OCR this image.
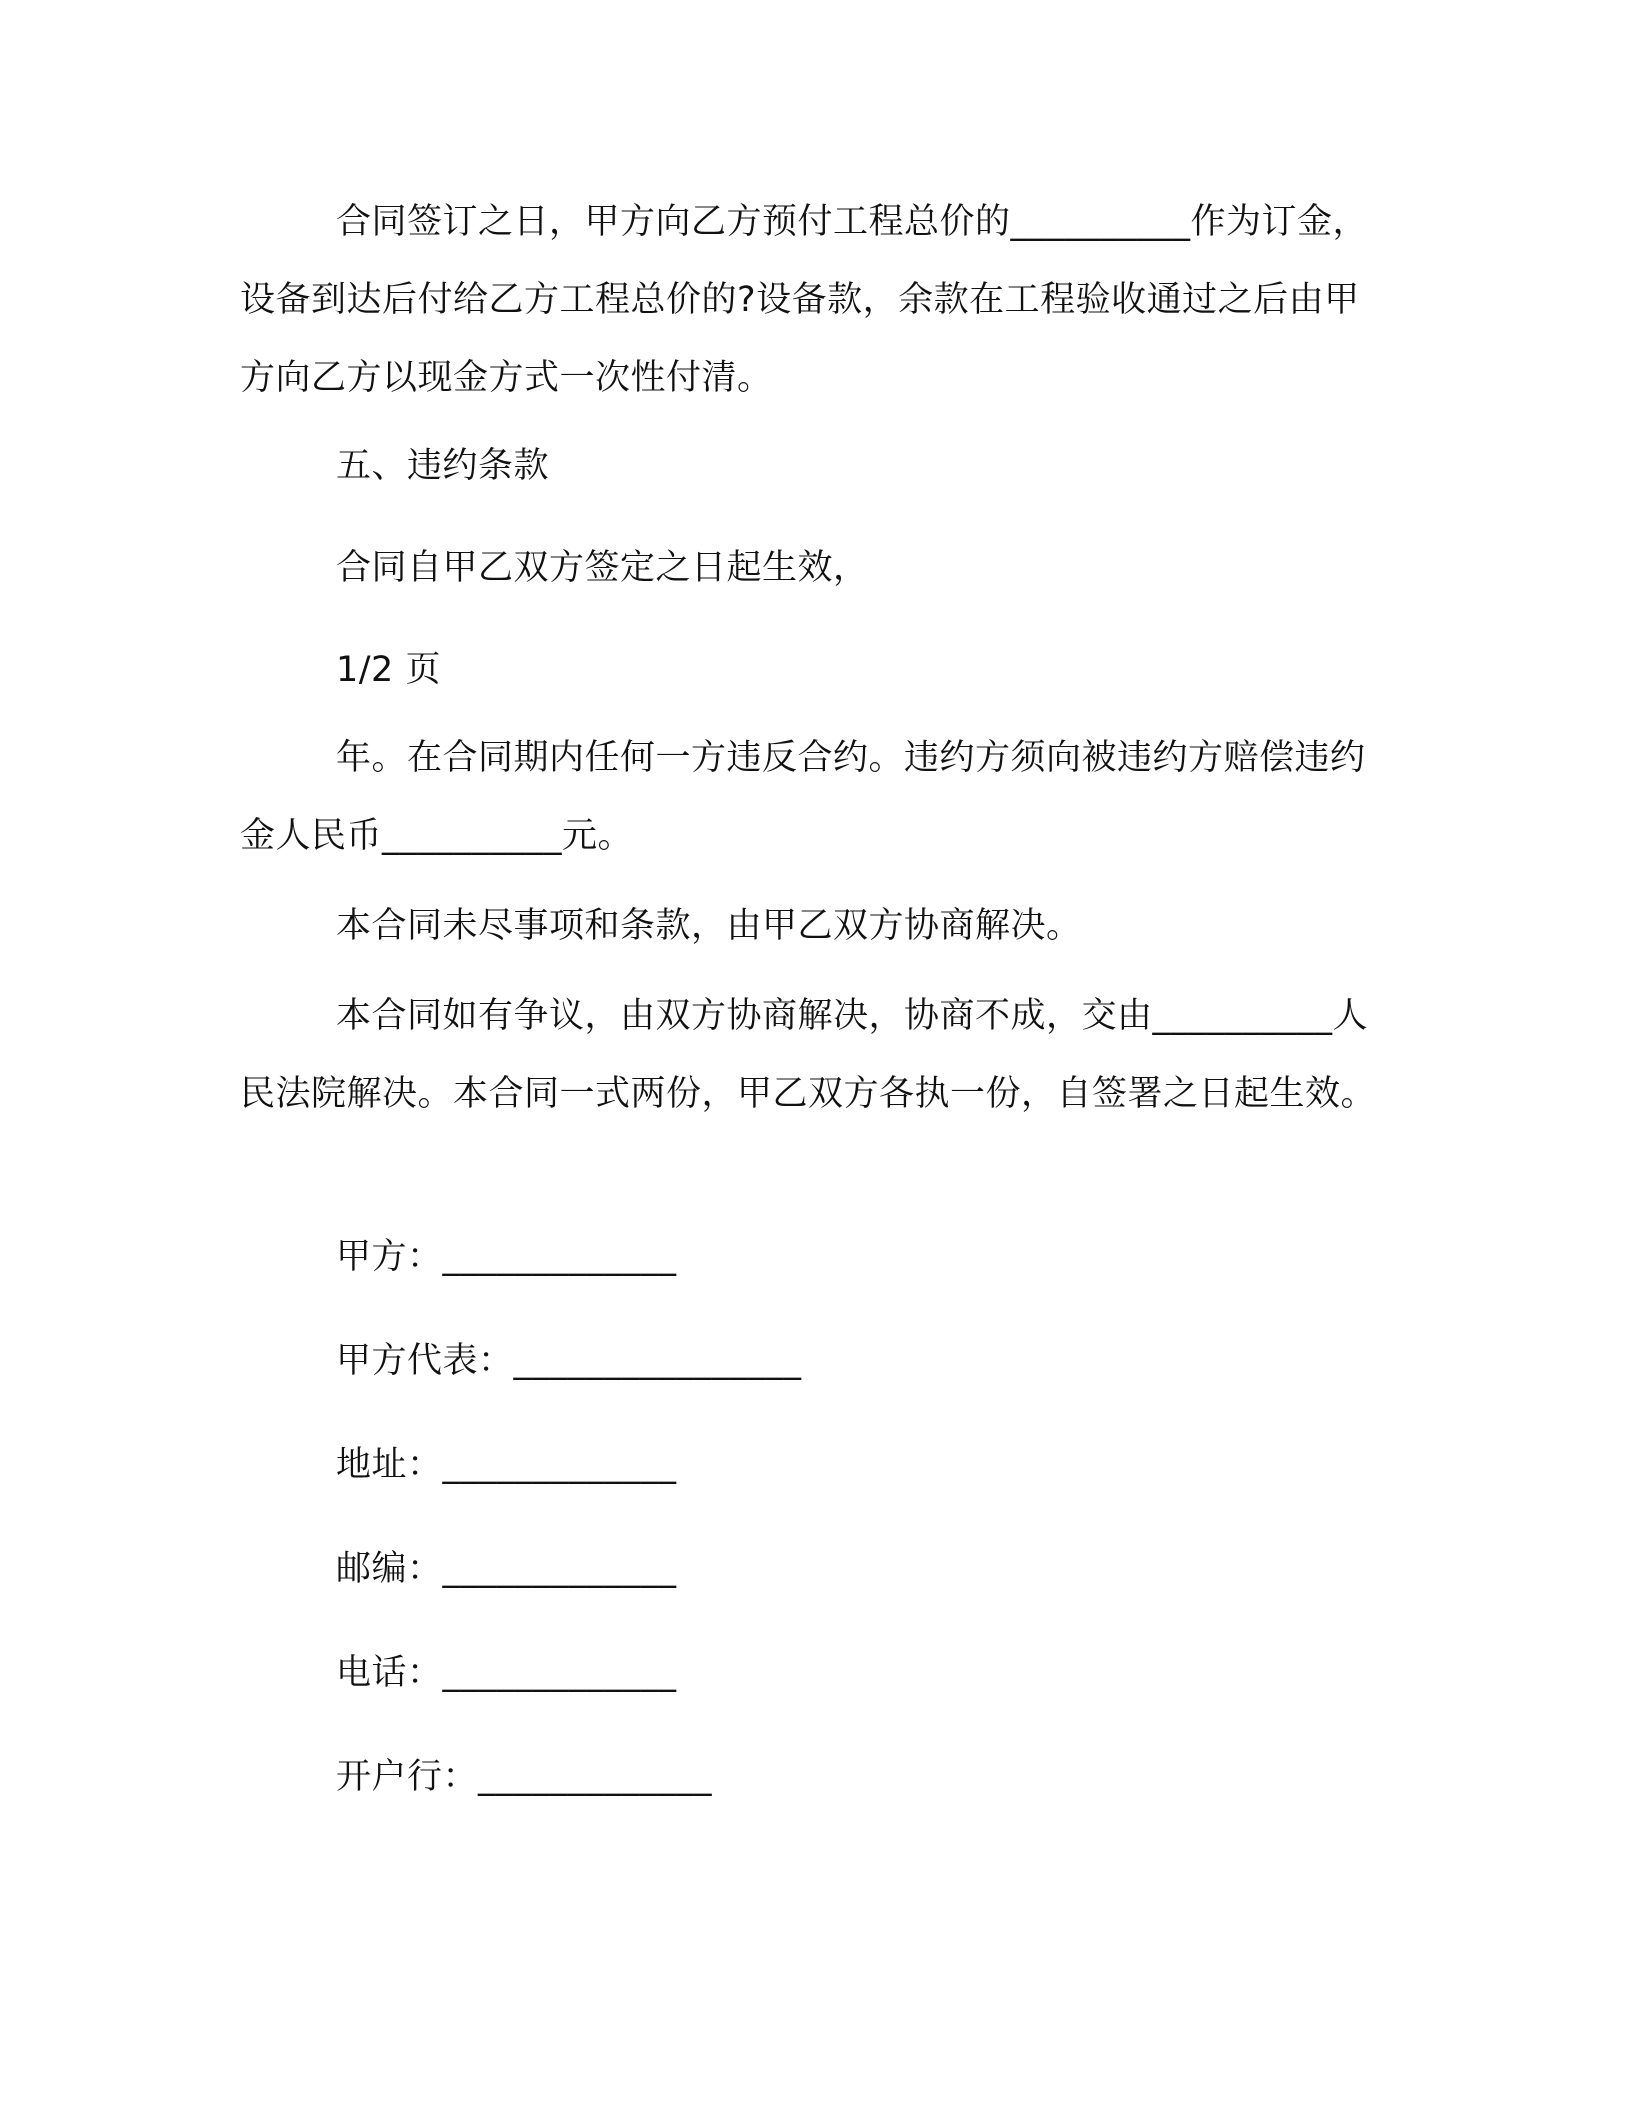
合同签订之日，甲方向乙方预付工程总价的__________作为订金，设备到达后付给乙方工程总价的?设备款，余款在工程验收通过之后由甲方向乙方以现金方式一次性付清。

五、违约条款

合同自甲乙双方签定之日起生效，

1/2 页

年。在合同期内任何一方违反合约。违约方须向被违约方赔偿违约金人民币__________元。

本合同未尽事项和条款，由甲乙双方协商解决。

本合同如有争议，由双方协商解决，协商不成，交由__________人民法院解决。本合同一式两份，甲乙双方各执一份，自签署之日起生效。

甲方：_____________

甲方代表：________________

地址：_____________

邮编：_____________

电话：_____________

开户行：_____________
